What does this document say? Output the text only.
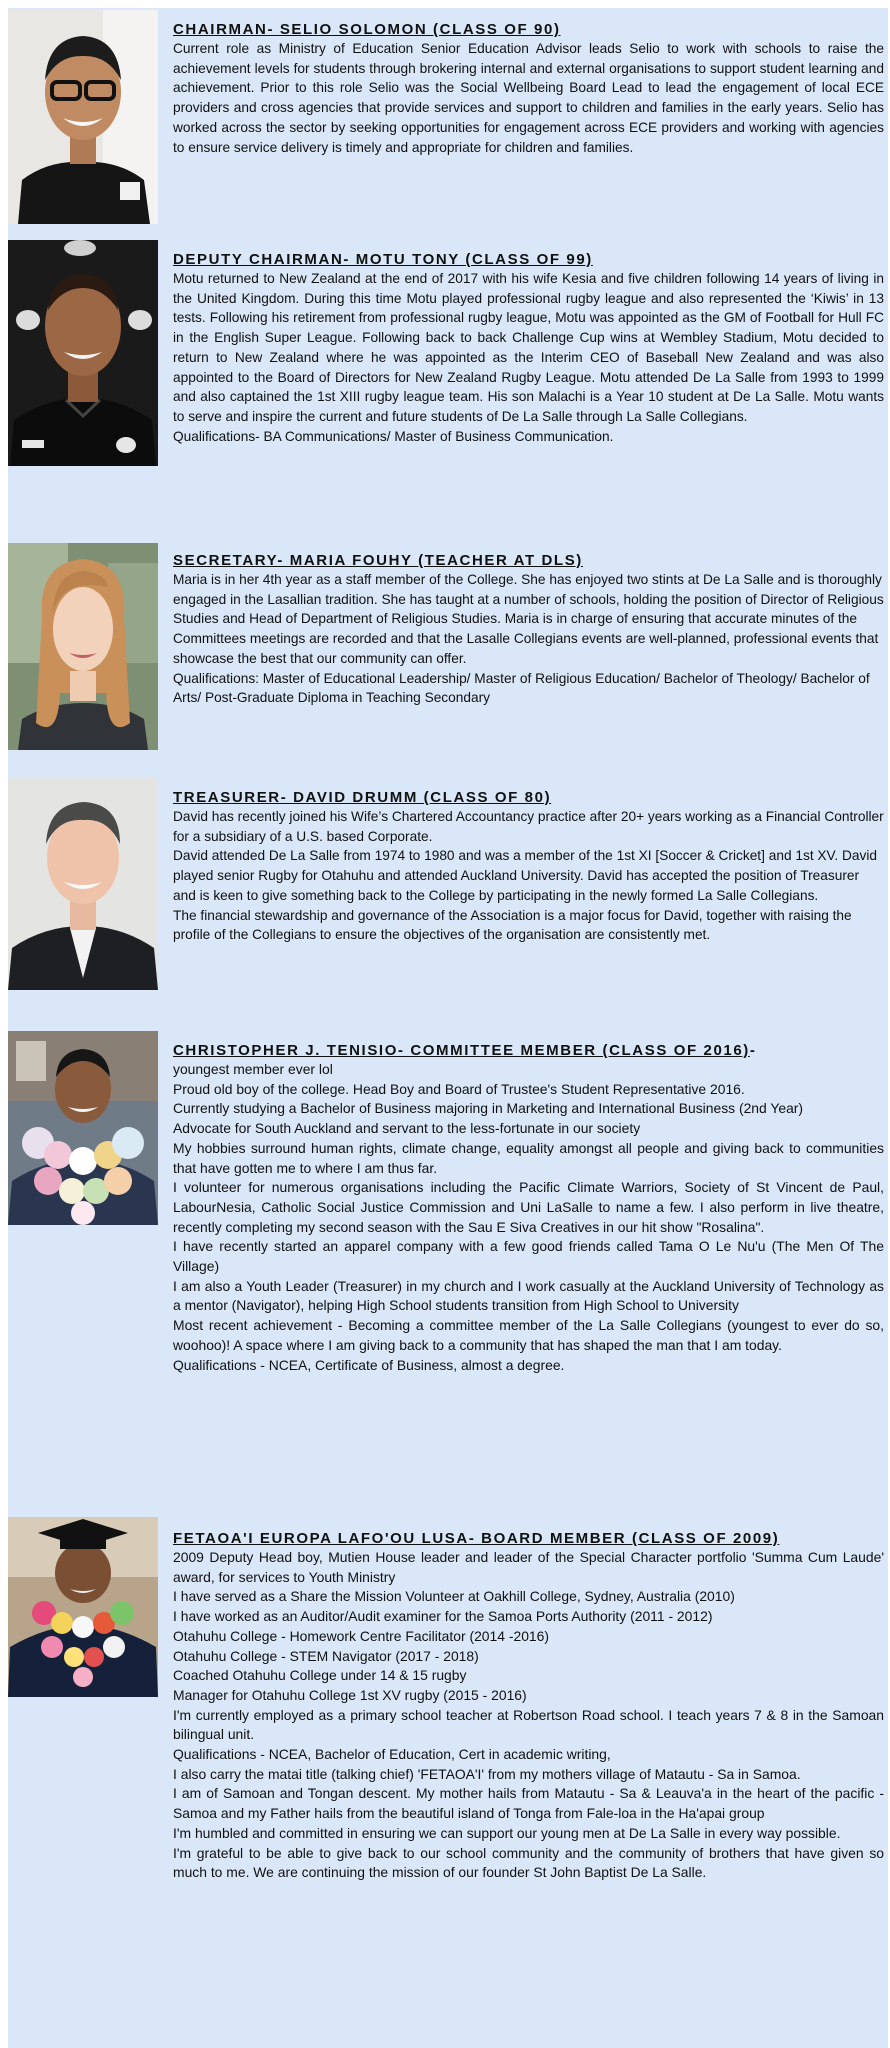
CHAIRMAN- SELIO SOLOMON (CLASS OF 90)

Current role as Ministry of Education Senior Education Advisor leads Selio to work with schools to raise the achievement levels for students through brokering internal and external organisations to support student learning and achievement. Prior to this role Selio was the Social Wellbeing Board Lead to lead the engagement of local ECE providers and cross agencies that provide services and support to children and families in the early years. Selio has worked across the sector by seeking opportunities for engagement across ECE providers and working with agencies to ensure service delivery is timely and appropriate for children and families.

DEPUTY CHAIRMAN- MOTU TONY (CLASS OF 99)

Motu returned to New Zealand at the end of 2017 with his wife Kesia and five children following 14 years of living in the United Kingdom. During this time Motu played professional rugby league and also represented the ‘Kiwis’ in 13 tests. Following his retirement from professional rugby league, Motu was appointed as the GM of Football for Hull FC in the English Super League. Following back to back Challenge Cup wins at Wembley Stadium, Motu decided to return to New Zealand where he was appointed as the Interim CEO of Baseball New Zealand and was also appointed to the Board of Directors for New Zealand Rugby League. Motu attended De La Salle from 1993 to 1999 and also captained the 1st XIII rugby league team. His son Malachi is a Year 10 student at De La Salle. Motu wants to serve and inspire the current and future students of De La Salle through La Salle Collegians.

Qualifications- BA Communications/ Master of Business Communication.

SECRETARY- MARIA FOUHY (TEACHER AT DLS)

Maria is in her 4th year as a staff member of the College. She has enjoyed two stints at De La Salle and is thoroughly engaged in the Lasallian tradition. She has taught at a number of schools, holding the position of Director of Religious Studies and Head of Department of Religious Studies. Maria is in charge of ensuring that accurate minutes of the Committees meetings are recorded and that the Lasalle Collegians events are well-planned, professional events that showcase the best that our community can offer.

Qualifications: Master of Educational Leadership/ Master of Religious Education/ Bachelor of Theology/ Bachelor of Arts/ Post-Graduate Diploma in Teaching Secondary

TREASURER- DAVID DRUMM (CLASS OF 80)

David has recently joined his Wife’s Chartered Accountancy practice after 20+ years working as a Financial Controller for a subsidiary of a U.S. based Corporate.

David attended De La Salle from 1974 to 1980 and was a member of the 1st XI [Soccer & Cricket] and 1st XV. David played senior Rugby for Otahuhu and attended Auckland University. David has accepted the position of Treasurer and is keen to give something back to the College by participating in the newly formed La Salle Collegians.

The financial stewardship and governance of the Association is a major focus for David, together with raising the profile of the Collegians to ensure the objectives of the organisation are consistently met.

CHRISTOPHER J. TENISIO- COMMITTEE MEMBER (CLASS OF 2016)-

youngest member ever lol

Proud old boy of the college. Head Boy and Board of Trustee's Student Representative 2016.

Currently studying a Bachelor of Business majoring in Marketing and International Business (2nd Year)

Advocate for South Auckland and servant to the less-fortunate in our society

My hobbies surround human rights, climate change, equality amongst all people and giving back to communities that have gotten me to where I am thus far.

I volunteer for numerous organisations including the Pacific Climate Warriors, Society of St Vincent de Paul, LabourNesia, Catholic Social Justice Commission and Uni LaSalle to name a few. I also perform in live theatre, recently completing my second season with the Sau E Siva Creatives in our hit show "Rosalina".

I have recently started an apparel company with a few good friends called Tama O Le Nu'u (The Men Of The Village)

I am also a Youth Leader (Treasurer) in my church and I work casually at the Auckland University of Technology as a mentor (Navigator), helping High School students transition from High School to University

Most recent achievement - Becoming a committee member of the La Salle Collegians (youngest to ever do so, woohoo)! A space where I am giving back to a community that has shaped the man that I am today.

Qualifications - NCEA, Certificate of Business, almost a degree.

FETAOA'I EUROPA LAFO'OU LUSA- BOARD MEMBER (CLASS OF 2009)

2009 Deputy Head boy, Mutien House leader and leader of the Special Character portfolio 'Summa Cum Laude' award, for services to Youth Ministry

I have served as a Share the Mission Volunteer at Oakhill College, Sydney, Australia (2010)

I have worked as an Auditor/Audit examiner for the Samoa Ports Authority (2011 - 2012)

Otahuhu College - Homework Centre Facilitator (2014 -2016)

Otahuhu College - STEM Navigator (2017 - 2018)

Coached Otahuhu College under 14 & 15 rugby

Manager for Otahuhu College 1st XV rugby (2015 - 2016)

I'm currently employed as a primary school teacher at Robertson Road school. I teach years 7 & 8 in the Samoan bilingual unit.

Qualifications - NCEA, Bachelor of Education, Cert in academic writing,

I also carry the matai title (talking chief) 'FETAOA'I' from my mothers village of Matautu - Sa in Samoa.

I am of Samoan and Tongan descent. My mother hails from Matautu - Sa & Leauva'a in the heart of the pacific - Samoa and my Father hails from the beautiful island of Tonga from Fale-loa in the Ha'apai group

I'm humbled and committed in ensuring we can support our young men at De La Salle in every way possible.

I'm grateful to be able to give back to our school community and the community of brothers that have given so much to me. We are continuing the mission of our founder St John Baptist De La Salle.
